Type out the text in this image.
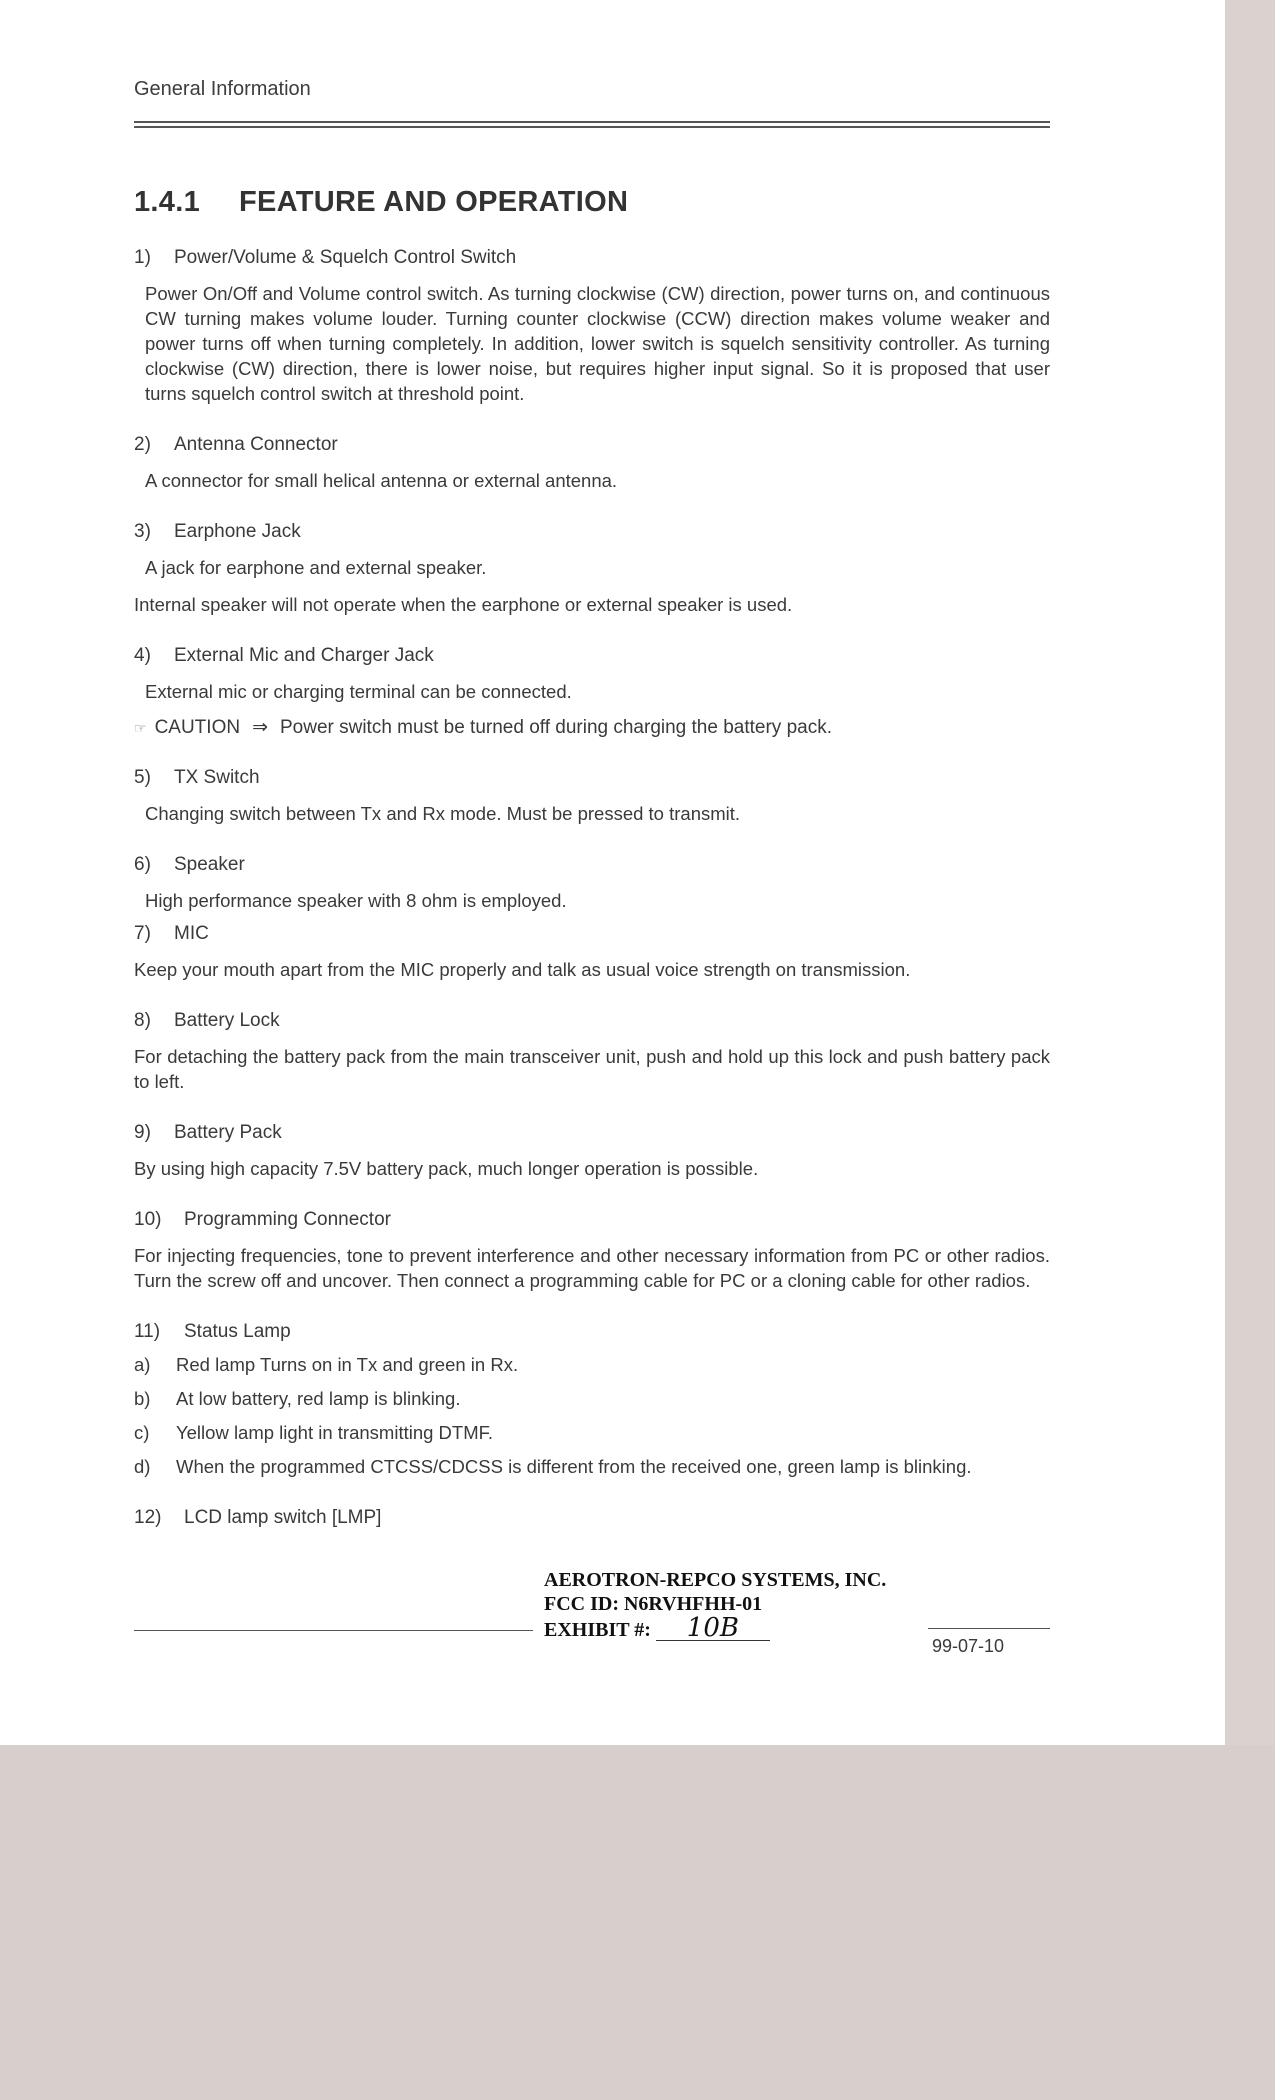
General Information
1.4.1 FEATURE AND OPERATION
1) Power/Volume & Squelch Control Switch
Power On/Off and Volume control switch. As turning clockwise (CW) direction, power turns on, and continuous CW turning makes volume louder. Turning counter clockwise (CCW) direction makes volume weaker and power turns off when turning completely. In addition, lower switch is squelch sensitivity controller. As turning clockwise (CW) direction, there is lower noise, but requires higher input signal. So it is proposed that user turns squelch control switch at threshold point.
2) Antenna Connector
A connector for small helical antenna or external antenna.
3) Earphone Jack
A jack for earphone and external speaker.
Internal speaker will not operate when the earphone or external speaker is used.
4) External Mic and Charger Jack
External mic or charging terminal can be connected.
☞ CAUTION ⇒ Power switch must be turned off during charging the battery pack.
5) TX Switch
Changing switch between Tx and Rx mode. Must be pressed to transmit.
6) Speaker
High performance speaker with 8 ohm is employed.
7) MIC
Keep your mouth apart from the MIC properly and talk as usual voice strength on transmission.
8) Battery Lock
For detaching the battery pack from the main transceiver unit, push and hold up this lock and push battery pack to left.
9) Battery Pack
By using high capacity 7.5V battery pack, much longer operation is possible.
10) Programming Connector
For injecting frequencies, tone to prevent interference and other necessary information from PC or other radios. Turn the screw off and uncover. Then connect a programming cable for PC or a cloning cable for other radios.
11) Status Lamp
a) Red lamp Turns on in Tx and green in Rx.
b) At low battery, red lamp is blinking.
c) Yellow lamp light in transmitting DTMF.
d) When the programmed CTCSS/CDCSS is different from the received one, green lamp is blinking.
12) LCD lamp switch [LMP]
99-07-10
AEROTRON-REPCO SYSTEMS, INC.
FCC ID: N6RVHFHH-01
EXHIBIT #: 10B
